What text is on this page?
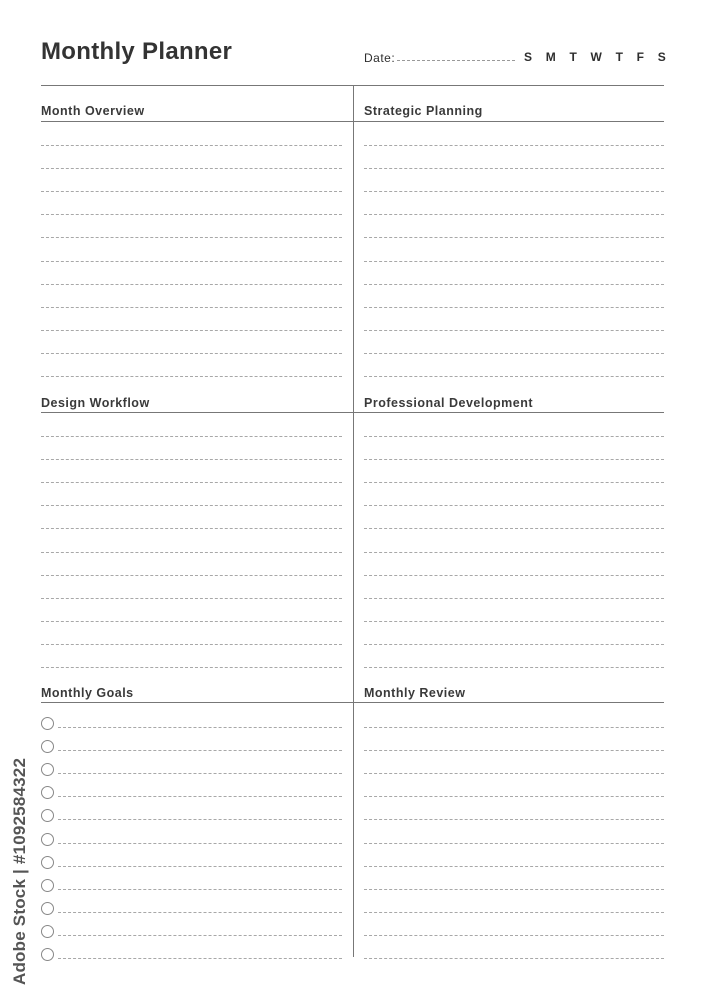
Monthly Planner	Date:	S M T W T F S
Month Overview	Strategic Planning
Design Workflow	Professional Development
Monthly Goals	Monthly Review
Adobe Stock | #1092584322
